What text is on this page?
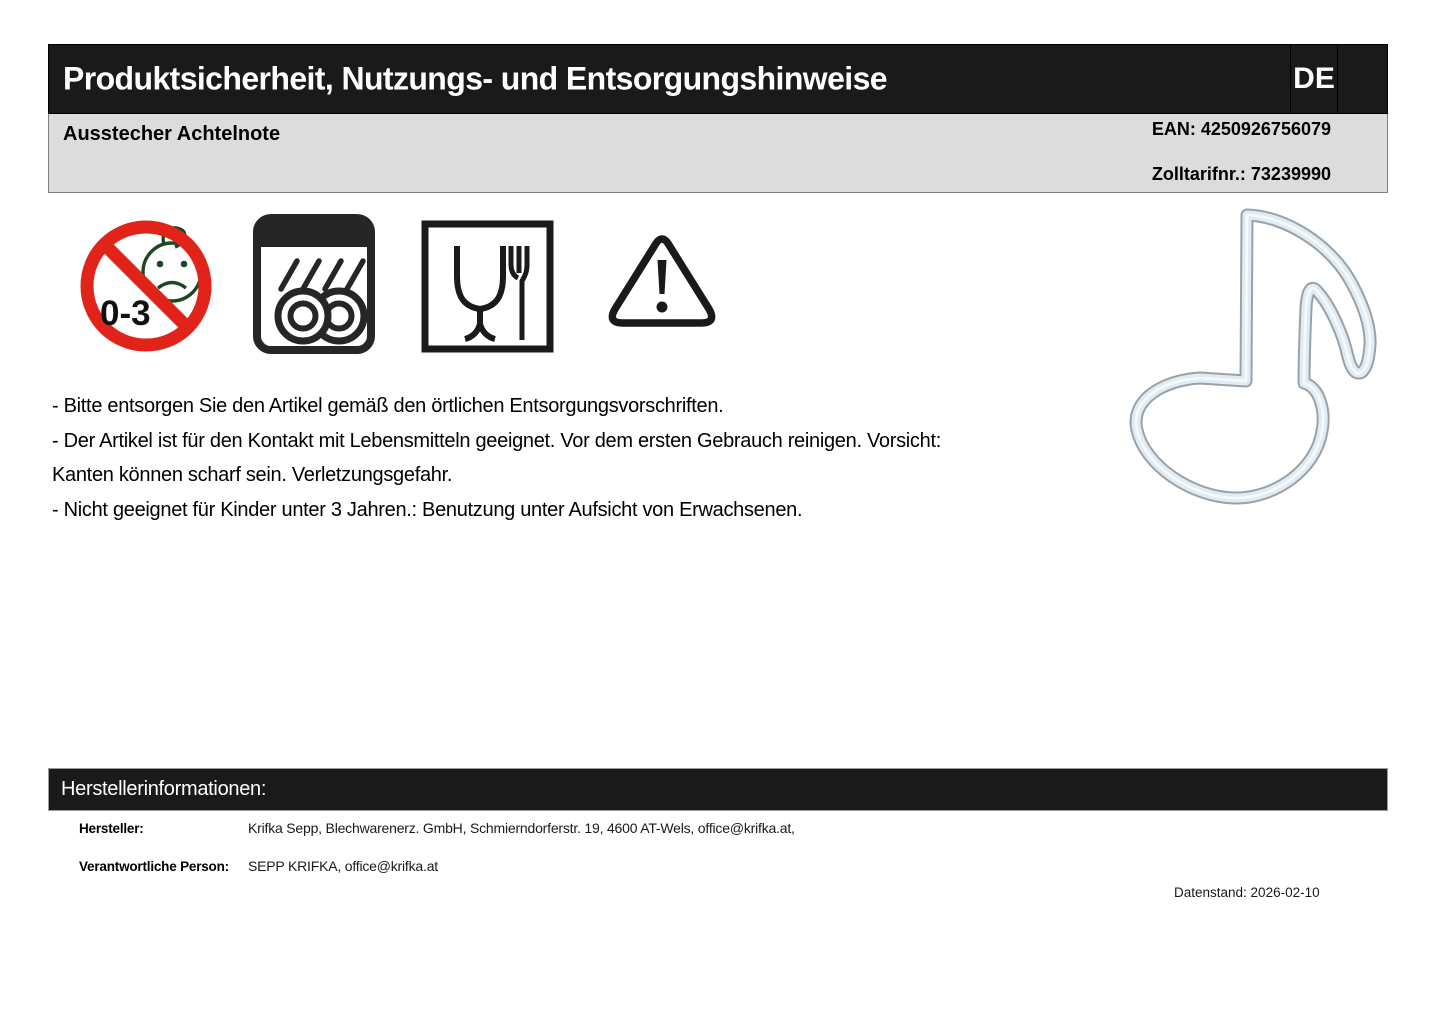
Produktsicherheit, Nutzungs- und Entsorgungshinweise	DE
Ausstecher Achtelnote	EAN: 4250926756079
Zolltarifnr.: 73239990
0-3
- Bitte entsorgen Sie den Artikel gemäß den örtlichen Entsorgungsvorschriften.
- Der Artikel ist für den Kontakt mit Lebensmitteln geeignet. Vor dem ersten Gebrauch reinigen. Vorsicht:
Kanten können scharf sein. Verletzungsgefahr.
- Nicht geeignet für Kinder unter 3 Jahren.: Benutzung unter Aufsicht von Erwachsenen.
Herstellerinformationen:
Hersteller:	Krifka Sepp, Blechwarenerz. GmbH, Schmierndorferstr. 19, 4600 AT-Wels, office@krifka.at,
Verantwortliche Person: SEPP KRIFKA, office@krifka.at
Datenstand: 2026-02-10
